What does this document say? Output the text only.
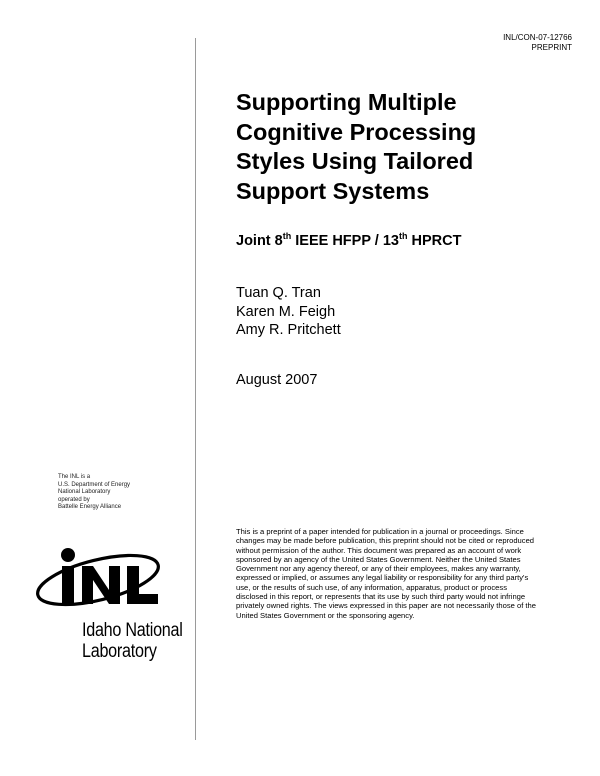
INL/CON-07-12766
PREPRINT
Supporting Multiple
Cognitive Processing
Styles Using Tailored
Support Systems
Joint 8th IEEE HFPP / 13th HPRCT
Tuan Q. Tran
Karen M. Feigh
Amy R. Pritchett
August 2007

This is a preprint of a paper intended for publication in a journal or proceedings. Since changes may be made before publication, this preprint should not be cited or reproduced without permission of the author. This document was prepared as an account of work sponsored by an agency of the United States Government. Neither the United States Government nor any agency thereof, or any of their employees, makes any warranty, expressed or implied, or assumes any legal liability or responsibility for any third party's use, or the results of such use, of any information, apparatus, product or process disclosed in this report, or represents that its use by such third party would not infringe privately owned rights. The views expressed in this paper are not necessarily those of the United States Government or the sponsoring agency.

The INL is a
U.S. Department of Energy
National Laboratory
operated by
Battelle Energy Alliance
Idaho National
Laboratory
